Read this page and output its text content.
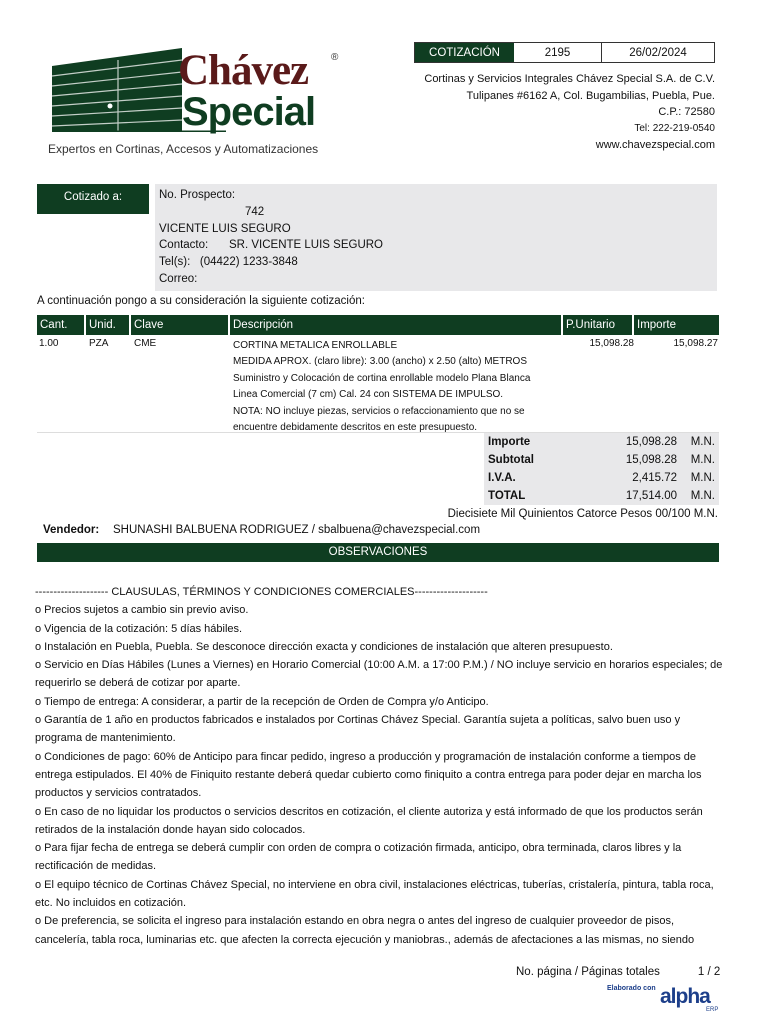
Chávez ®
Special
Expertos en Cortinas, Accesos y Automatizaciones
COTIZACIÓN	2195	26/02/2024
Cortinas y Servicios Integrales Chávez Special S.A. de C.V.
Tulipanes #6162 A, Col. Bugambilias, Puebla, Pue.
C.P.: 72580
Tel: 222-219-0540
www.chavezspecial.com
Cotizado a:	No. Prospecto:
742
VICENTE LUIS SEGURO
Contacto: SR. VICENTE LUIS SEGURO
Tel(s): (04422) 1233-3848
Correo:
A continuación pongo a su consideración la siguiente cotización:
Cant.	Unid.	Clave	Descripción	P.Unitario	Importe
1.00	PZA	CME	CORTINA METALICA ENROLLABLE
MEDIDA APROX. (claro libre): 3.00 (ancho) x 2.50 (alto) METROS
Suministro y Colocación de cortina enrollable modelo Plana Blanca
Linea Comercial (7 cm) Cal. 24 con SISTEMA DE IMPULSO.
NOTA: NO incluye piezas, servicios o refaccionamiento que no se
encuentre debidamente descritos en este presupuesto.
15,098.28	15,098.27
Importe	15,098.28	M.N.
Subtotal	15,098.28	M.N.
I.V.A.	2,415.72	M.N.
TOTAL	17,514.00	M.N.
Diecisiete Mil Quinientos Catorce Pesos 00/100 M.N.
Vendedor: SHUNASHI BALBUENA RODRIGUEZ / sbalbuena@chavezspecial.com
OBSERVACIONES
-------------------- CLAUSULAS, TÉRMINOS Y CONDICIONES COMERCIALES--------------------
o Precios sujetos a cambio sin previo aviso.
o Vigencia de la cotización: 5 días hábiles.
o Instalación en Puebla, Puebla. Se desconoce dirección exacta y condiciones de instalación que alteren presupuesto.
o Servicio en Días Hábiles (Lunes a Viernes) en Horario Comercial (10:00 A.M. a 17:00 P.M.) / NO incluye servicio en horarios especiales; de requerirlo se deberá de cotizar por aparte.
o Tiempo de entrega: A considerar, a partir de la recepción de Orden de Compra y/o Anticipo.
o Garantía de 1 año en productos fabricados e instalados por Cortinas Chávez Special. Garantía sujeta a políticas, salvo buen uso y programa de mantenimiento.
o Condiciones de pago: 60% de Anticipo para fincar pedido, ingreso a producción y programación de instalación conforme a tiempos de entrega estipulados. El 40% de Finiquito restante deberá quedar cubierto como finiquito a contra entrega para poder dejar en marcha los productos y servicios contratados.
o En caso de no liquidar los productos o servicios descritos en cotización, el cliente autoriza y está informado de que los productos serán retirados de la instalación donde hayan sido colocados.
o Para fijar fecha de entrega se deberá cumplir con orden de compra o cotización firmada, anticipo, obra terminada, claros libres y la rectificación de medidas.
o El equipo técnico de Cortinas Chávez Special, no interviene en obra civil, instalaciones eléctricas, tuberías, cristalería, pintura, tabla roca, etc. No incluidos en cotización.
o De preferencia, se solicita el ingreso para instalación estando en obra negra o antes del ingreso de cualquier proveedor de pisos, cancelería, tabla roca, luminarias etc. que afecten la correcta ejecución y maniobras., además de afectaciones a las mismas, no siendo
No. página / Páginas totales	1 / 2
Elaborado con alpha
ERP
